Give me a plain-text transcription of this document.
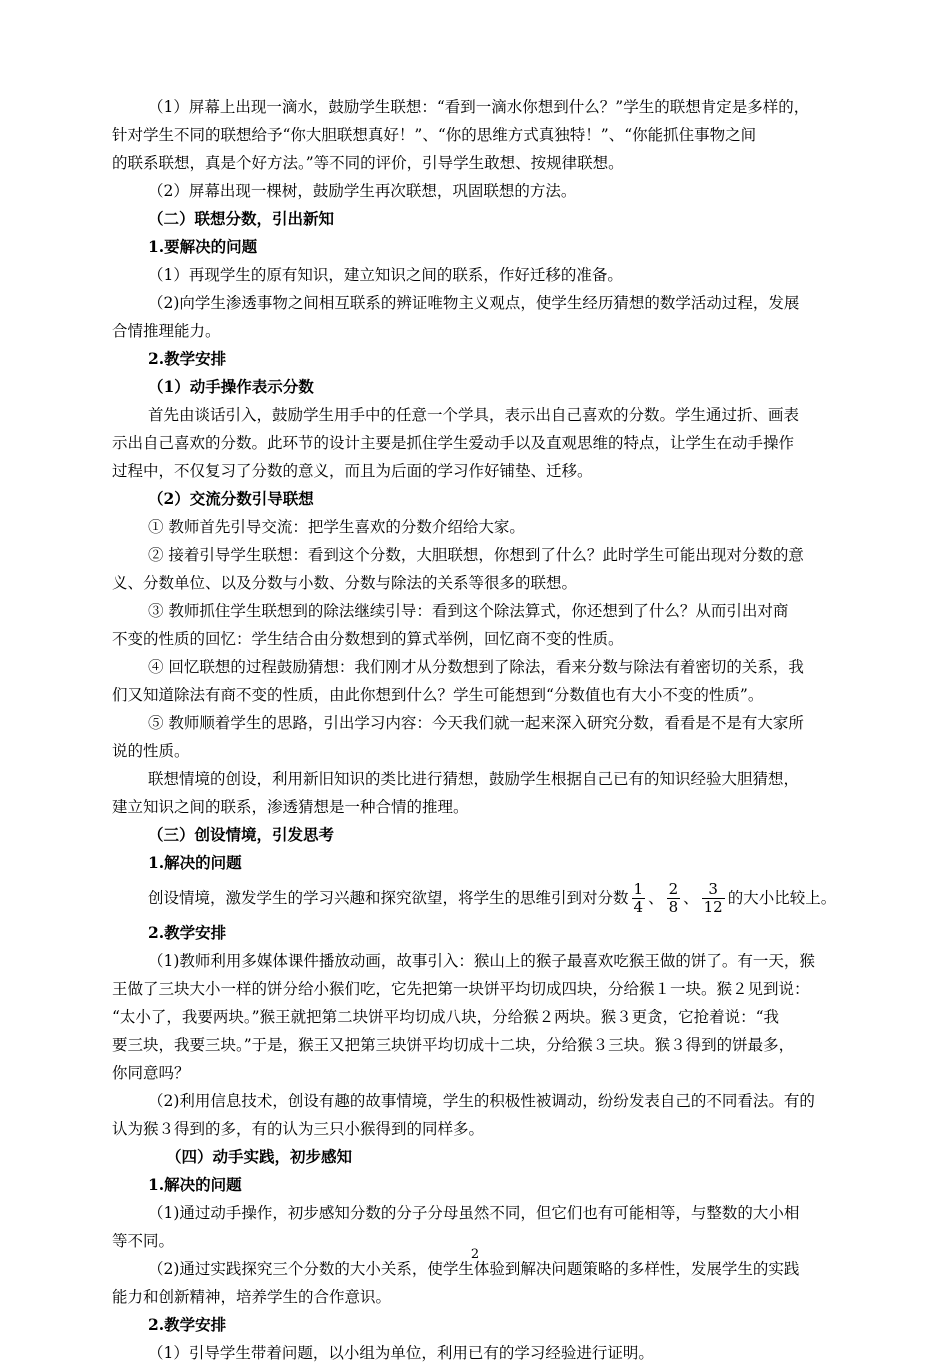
（1）屏幕上出现一滴水，鼓励学生联想：“看到一滴水你想到什么？”学生的联想肯定是多样的，
针对学生不同的联想给予“你大胆联想真好！”、“你的思维方式真独特！”、“你能抓住事物之间
的联系联想，真是个好方法。”等不同的评价，引导学生敢想、按规律联想。
（2）屏幕出现一棵树，鼓励学生再次联想，巩固联想的方法。
（二）联想分数，引出新知
1.要解决的问题
（1）再现学生的原有知识，建立知识之间的联系，作好迁移的准备。
（2)向学生渗透事物之间相互联系的辨证唯物主义观点，使学生经历猜想的数学活动过程，发展
合情推理能力。
2.教学安排
（1）动手操作表示分数
首先由谈话引入，鼓励学生用手中的任意一个学具，表示出自己喜欢的分数。学生通过折、画表
示出自己喜欢的分数。此环节的设计主要是抓住学生爱动手以及直观思维的特点，让学生在动手操作
过程中，不仅复习了分数的意义，而且为后面的学习作好铺垫、迁移。
（2）交流分数引导联想
① 教师首先引导交流：把学生喜欢的分数介绍给大家。
② 接着引导学生联想：看到这个分数，大胆联想，你想到了什么？此时学生可能出现对分数的意
义、分数单位、以及分数与小数、分数与除法的关系等很多的联想。
③ 教师抓住学生联想到的除法继续引导：看到这个除法算式，你还想到了什么？从而引出对商
不变的性质的回忆：学生结合由分数想到的算式举例，回忆商不变的性质。
④ 回忆联想的过程鼓励猜想：我们刚才从分数想到了除法，看来分数与除法有着密切的关系，我
们又知道除法有商不变的性质，由此你想到什么？学生可能想到“分数值也有大小不变的性质”。
⑤ 教师顺着学生的思路，引出学习内容：今天我们就一起来深入研究分数，看看是不是有大家所
说的性质。
联想情境的创设，利用新旧知识的类比进行猜想，鼓励学生根据自己已有的知识经验大胆猜想，
建立知识之间的联系，渗透猜想是一种合情的推理。
（三）创设情境，引发思考
1.解决的问题
创设情境，激发学生的学习兴趣和探究欲望，将学生的思维引到对分数 $\frac{1}{4}$ 、 $\frac{2}{8}$ 、 $\frac{3}{12}$ 的大小比较上。
2.教学安排
（1)教师利用多媒体课件播放动画，故事引入：猴山上的猴子最喜欢吃猴王做的饼了。有一天，猴
王做了三块大小一样的饼分给小猴们吃，它先把第一块饼平均切成四块，分给猴１一块。猴２见到说：
“太小了，我要两块。”猴王就把第二块饼平均切成八块，分给猴２两块。猴３更贪，它抢着说：“我
要三块，我要三块。”于是，猴王又把第三块饼平均切成十二块，分给猴３三块。猴３得到的饼最多，
你同意吗？
（2)利用信息技术，创设有趣的故事情境，学生的积极性被调动，纷纷发表自己的不同看法。有的
认为猴３得到的多，有的认为三只小猴得到的同样多。
（四）动手实践，初步感知
1.解决的问题
（1)通过动手操作，初步感知分数的分子分母虽然不同，但它们也有可能相等，与整数的大小相
等不同。
（2)通过实践探究三个分数的大小关系，使学生体验到解决问题策略的多样性，发展学生的实践
能力和创新精神，培养学生的合作意识。
2.教学安排
（1）引导学生带着问题，以小组为单位，利用已有的学习经验进行证明。
2
